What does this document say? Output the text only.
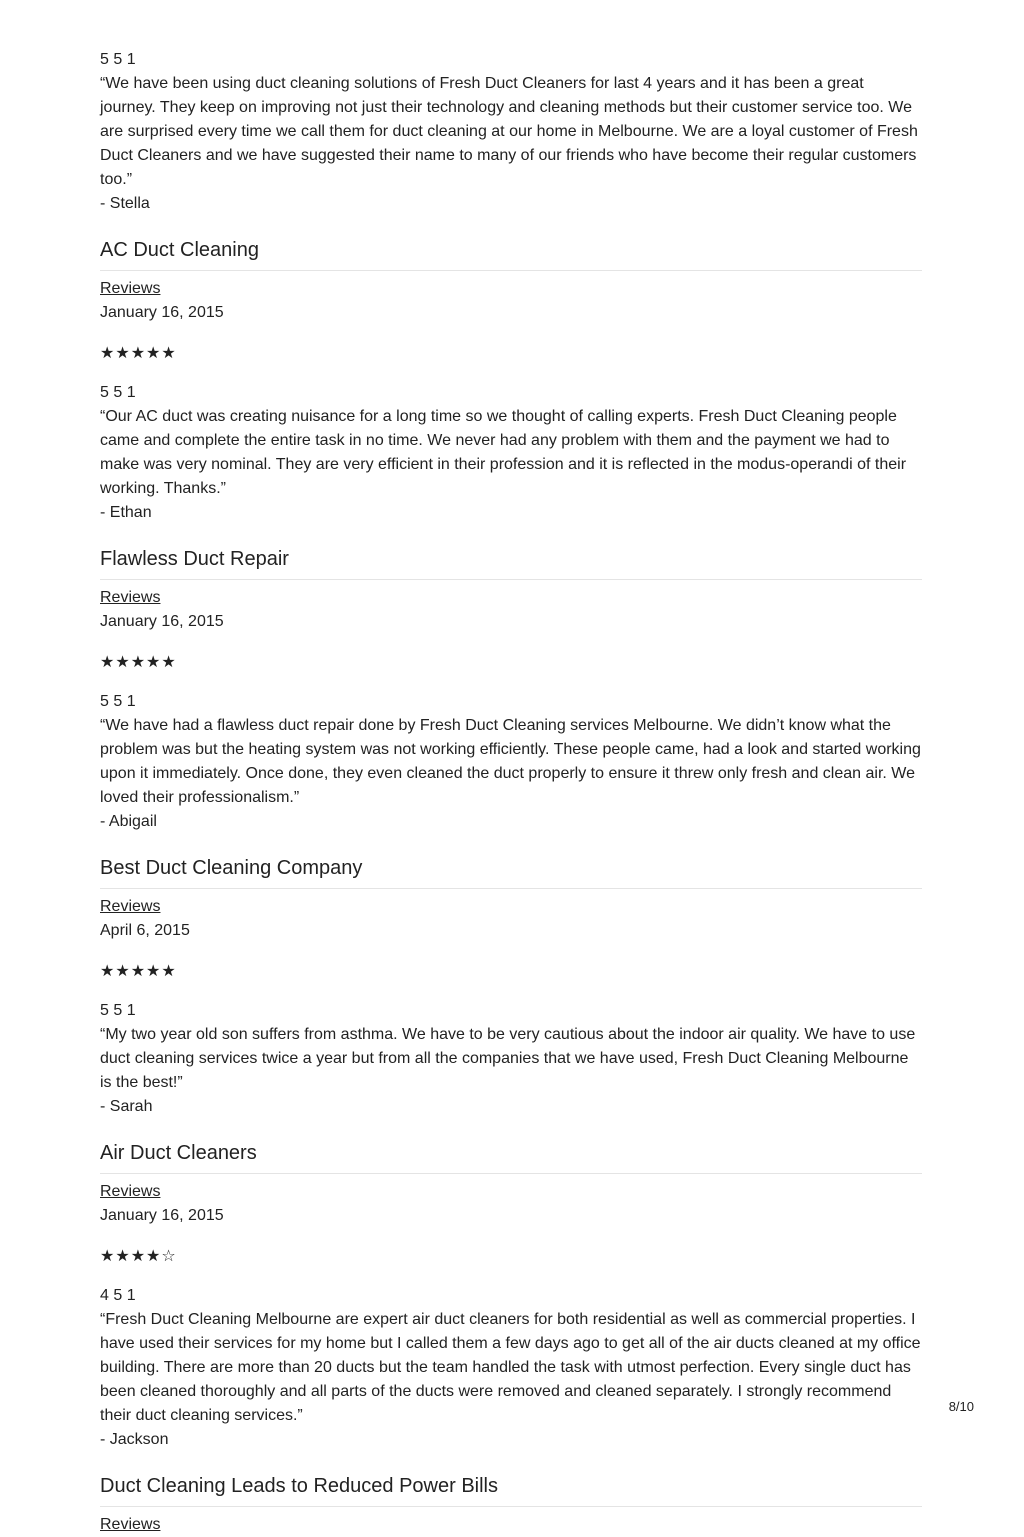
5 5 1

“We have been using duct cleaning solutions of Fresh Duct Cleaners for last 4 years and it has been a great journey. They keep on improving not just their technology and cleaning methods but their customer service too. We are surprised every time we call them for duct cleaning at our home in Melbourne. We are a loyal customer of Fresh Duct Cleaners and we have suggested their name to many of our friends who have become their regular customers too.”

- Stella

AC Duct Cleaning
Reviews

January 16, 2015

★★★★★

5 5 1

“Our AC duct was creating nuisance for a long time so we thought of calling experts. Fresh Duct Cleaning people came and complete the entire task in no time. We never had any problem with them and the payment we had to make was very nominal. They are very efficient in their profession and it is reflected in the modus-operandi of their working. Thanks.”

- Ethan

Flawless Duct Repair
Reviews

January 16, 2015

★★★★★

5 5 1

“We have had a flawless duct repair done by Fresh Duct Cleaning services Melbourne. We didn’t know what the problem was but the heating system was not working efficiently. These people came, had a look and started working upon it immediately. Once done, they even cleaned the duct properly to ensure it threw only fresh and clean air. We loved their professionalism.”

- Abigail

Best Duct Cleaning Company
Reviews

April 6, 2015

★★★★★

5 5 1

“My two year old son suffers from asthma. We have to be very cautious about the indoor air quality. We have to use duct cleaning services twice a year but from all the companies that we have used, Fresh Duct Cleaning Melbourne is the best!”

- Sarah

Air Duct Cleaners
Reviews

January 16, 2015

★★★★☆

4 5 1

“Fresh Duct Cleaning Melbourne are expert air duct cleaners for both residential as well as commercial properties. I have used their services for my home but I called them a few days ago to get all of the air ducts cleaned at my office building. There are more than 20 ducts but the team handled the task with utmost perfection. Every single duct has been cleaned thoroughly and all parts of the ducts were removed and cleaned separately. I strongly recommend their duct cleaning services.”

- Jackson

Duct Cleaning Leads to Reduced Power Bills
Reviews
8/10
